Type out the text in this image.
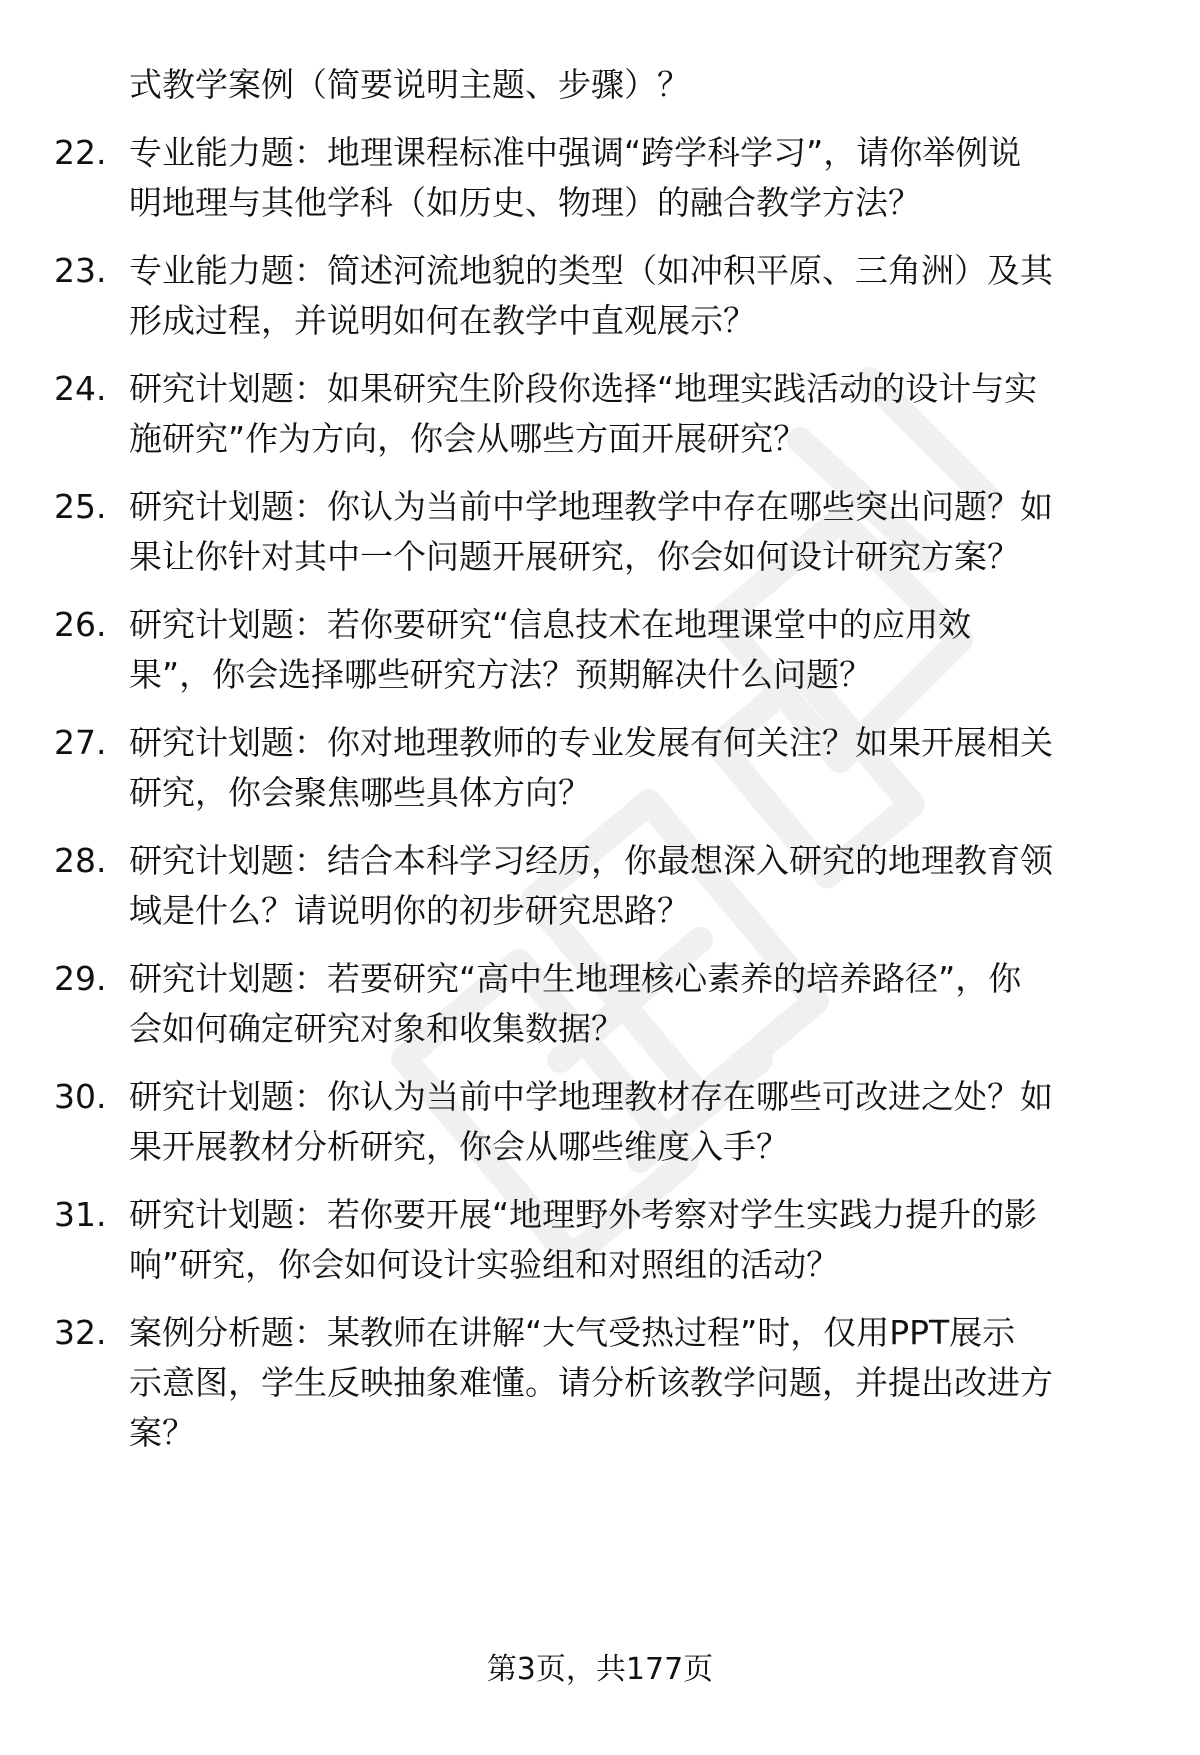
式教学案例（简要说明主题、步骤）？
22. 专业能力题：地理课程标准中强调“跨学科学习”，请你举例说
明地理与其他学科（如历史、物理）的融合教学方法？
23. 专业能力题：简述河流地貌的类型（如冲积平原、三角洲）及其
形成过程，并说明如何在教学中直观展示？
24. 研究计划题：如果研究生阶段你选择“地理实践活动的设计与实
施研究”作为方向，你会从哪些方面开展研究？
25. 研究计划题：你认为当前中学地理教学中存在哪些突出问题？如
果让你针对其中一个问题开展研究，你会如何设计研究方案？
26. 研究计划题：若你要研究“信息技术在地理课堂中的应用效
果”，你会选择哪些研究方法？预期解决什么问题？
27. 研究计划题：你对地理教师的专业发展有何关注？如果开展相关
研究，你会聚焦哪些具体方向？
28. 研究计划题：结合本科学习经历，你最想深入研究的地理教育领
域是什么？请说明你的初步研究思路？
29. 研究计划题：若要研究“高中生地理核心素养的培养路径”，你
会如何确定研究对象和收集数据？
30. 研究计划题：你认为当前中学地理教材存在哪些可改进之处？如
果开展教材分析研究，你会从哪些维度入手？
31. 研究计划题：若你要开展“地理野外考察对学生实践力提升的影
响”研究，你会如何设计实验组和对照组的活动？
32. 案例分析题：某教师在讲解“大气受热过程”时，仅用PPT展示
示意图，学生反映抽象难懂。请分析该教学问题，并提出改进方
案？
第3页，共177页
